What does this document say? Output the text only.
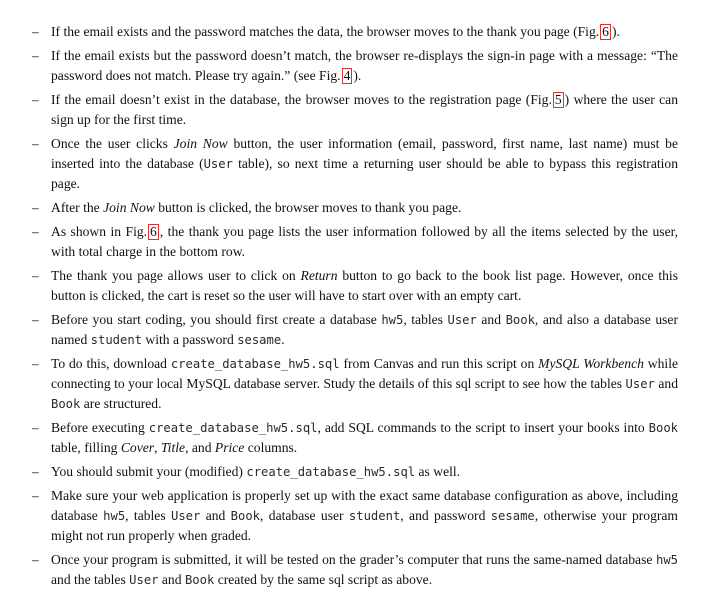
– If the email exists and the password matches the data, the browser moves to the thank you page (Fig. 6 ).
– If the email exists but the password doesn’t match, the browser re-displays the sign-in page with a message: “The password does not match. Please try again.” (see Fig. 4 ).
– If the email doesn’t exist in the database, the browser moves to the registration page (Fig. 5 ) where the user can sign up for the first time.
– Once the user clicks Join Now button, the user information (email, password, first name, last name) must be inserted into the database (User table), so next time a returning user should be able to bypass this registration page.
– After the Join Now button is clicked, the browser moves to thank you page.
– As shown in Fig. 6 , the thank you page lists the user information followed by all the items selected by the user, with total charge in the bottom row.
– The thank you page allows user to click on Return button to go back to the book list page. However, once this button is clicked, the cart is reset so the user will have to start over with an empty cart.
– Before you start coding, you should first create a database hw5, tables User and Book, and also a database user named student with a password sesame.
– To do this, download create_database_hw5.sql from Canvas and run this script on MySQL Workbench while connecting to your local MySQL database server. Study the details of this sql script to see how the tables User and Book are structured.
– Before executing create_database_hw5.sql, add SQL commands to the script to insert your books into Book table, filling Cover, Title, and Price columns.
– You should submit your (modified) create_database_hw5.sql as well.
– Make sure your web application is properly set up with the exact same database configuration as above, including database hw5, tables User and Book, database user student, and password sesame, otherwise your program might not run properly when graded.
– Once your program is submitted, it will be tested on the grader’s computer that runs the same-named database hw5 and the tables User and Book created by the same sql script as above.
